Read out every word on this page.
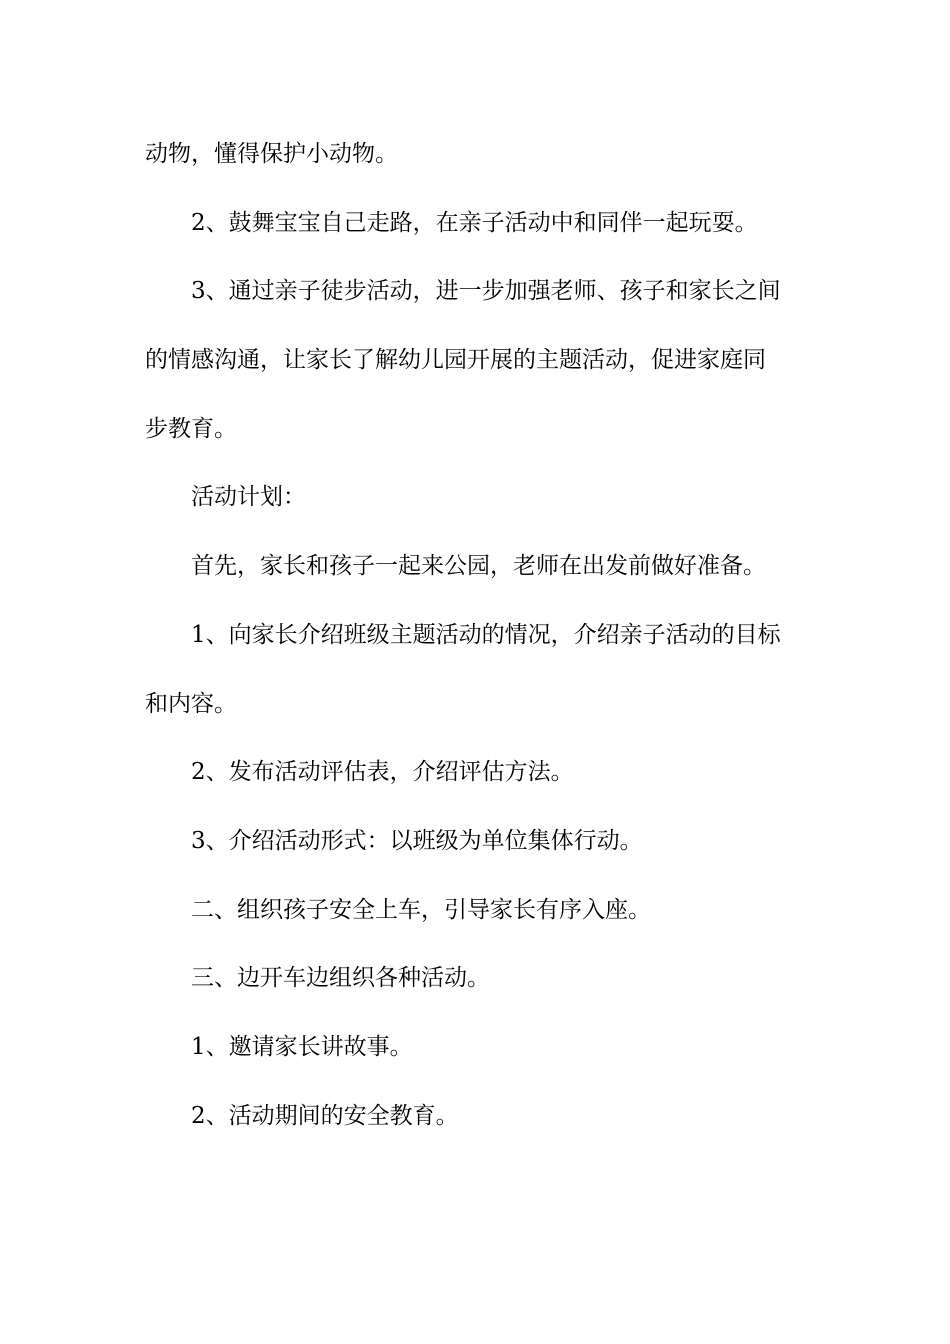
动物，懂得保护小动物。
2、鼓舞宝宝自己走路，在亲子活动中和同伴一起玩耍。
3、通过亲子徒步活动，进一步加强老师、孩子和家长之间
的情感沟通，让家长了解幼儿园开展的主题活动，促进家庭同
步教育。
活动计划：
首先，家长和孩子一起来公园，老师在出发前做好准备。
1、向家长介绍班级主题活动的情况，介绍亲子活动的目标
和内容。
2、发布活动评估表，介绍评估方法。
3、介绍活动形式：以班级为单位集体行动。
二、组织孩子安全上车，引导家长有序入座。
三、边开车边组织各种活动。
1、邀请家长讲故事。
2、活动期间的安全教育。
